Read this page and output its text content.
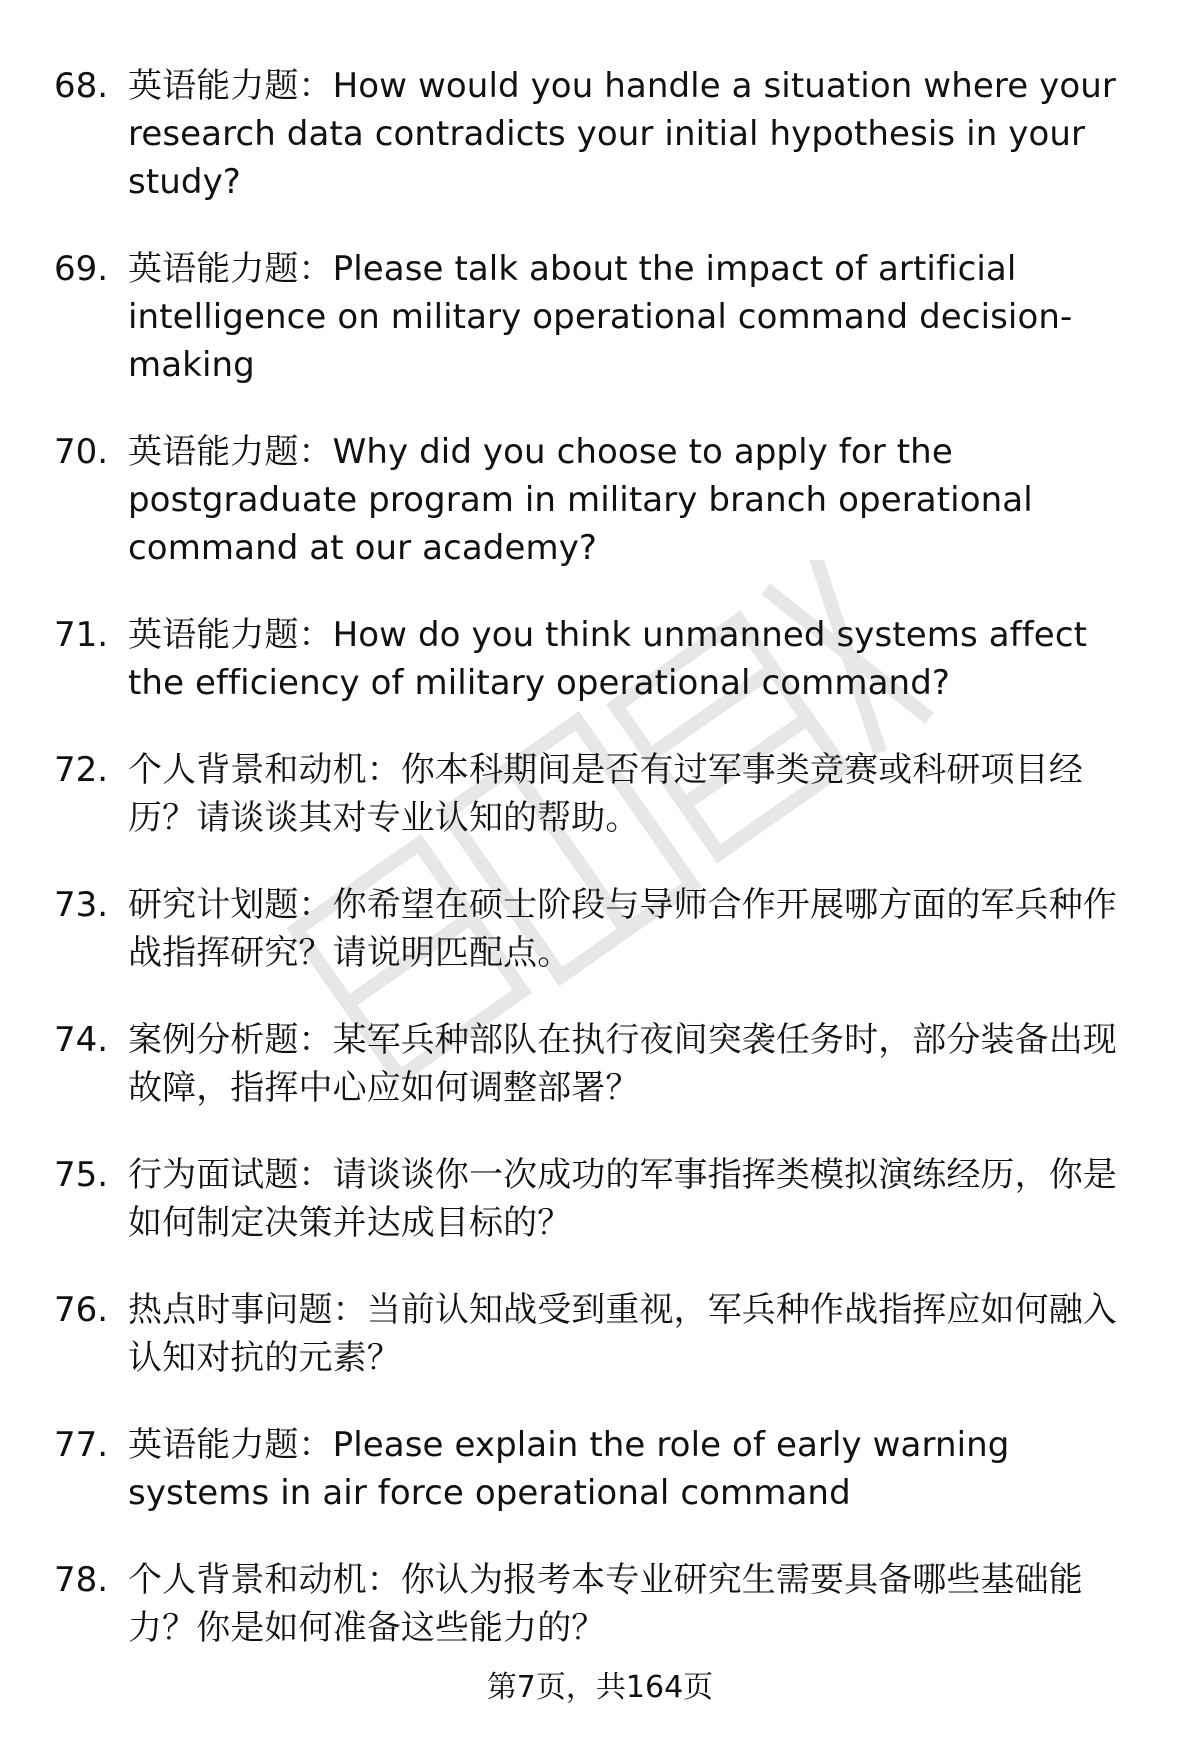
68. 英语能力题：How would you handle a situation where your research data contradicts your initial hypothesis in your study?
69. 英语能力题：Please talk about the impact of artificial intelligence on military operational command decision-making
70. 英语能力题：Why did you choose to apply for the postgraduate program in military branch operational command at our academy?
71. 英语能力题：How do you think unmanned systems affect the efficiency of military operational command?
72. 个人背景和动机：你本科期间是否有过军事类竞赛或科研项目经历？请谈谈其对专业认知的帮助。
73. 研究计划题：你希望在硕士阶段与导师合作开展哪方面的军兵种作战指挥研究？请说明匹配点。
74. 案例分析题：某军兵种部队在执行夜间突袭任务时，部分装备出现故障，指挥中心应如何调整部署？
75. 行为面试题：请谈谈你一次成功的军事指挥类模拟演练经历，你是如何制定决策并达成目标的？
76. 热点时事问题：当前认知战受到重视，军兵种作战指挥应如何融入认知对抗的元素？
77. 英语能力题：Please explain the role of early warning systems in air force operational command
78. 个人背景和动机：你认为报考本专业研究生需要具备哪些基础能力？你是如何准备这些能力的？
第7页，共164页
